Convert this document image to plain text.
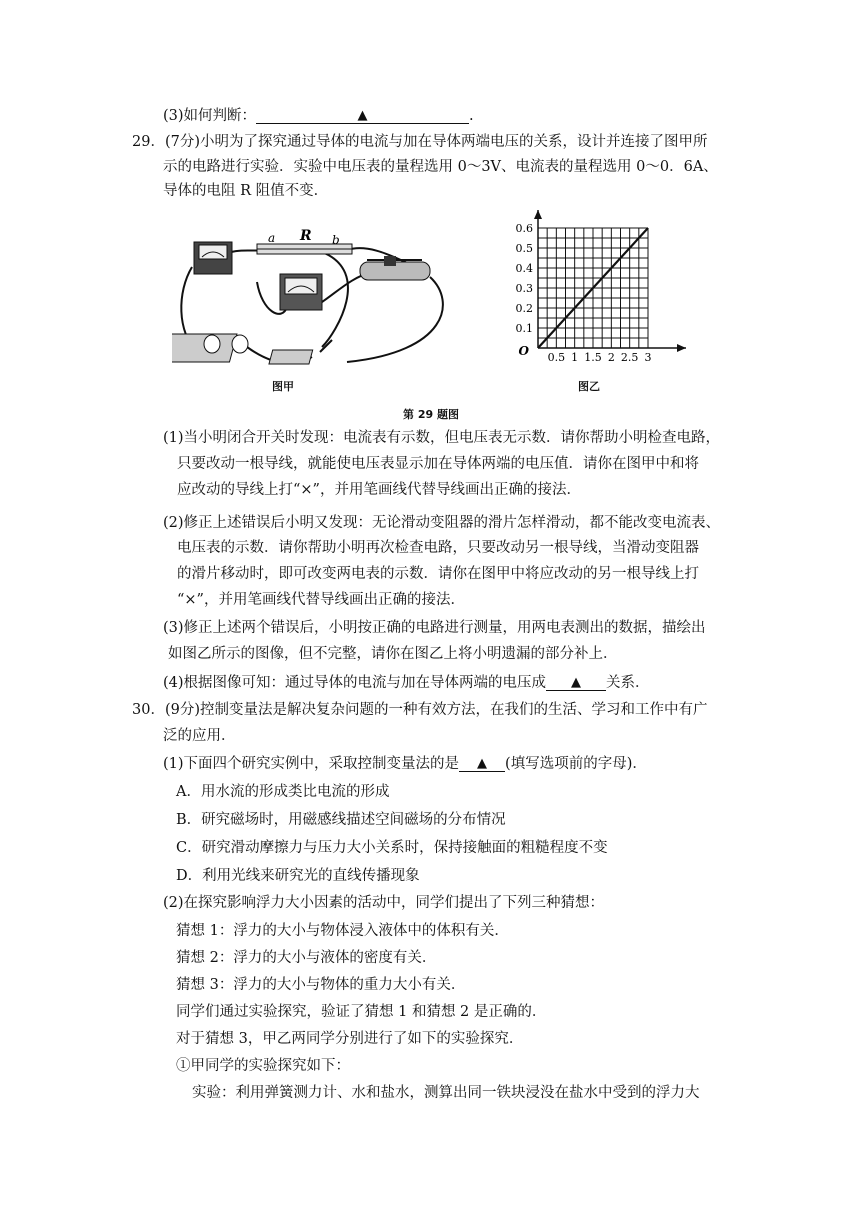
(3)如何判断：	▲	.
29．(7分)小明为了探究通过导体的电流与加在导体两端电压的关系，设计并连接了图甲所
示的电路进行实验．实验中电压表的量程选用 0～3V、电流表的量程选用 0～0．6A、
导体的电阻 R 阻值不变．
a R b
图甲
0.5 1 1.5 2 2.5 3
0.1
0.2
0.3
0.4
0.5
0.6
O
图乙
第 29 题图
(1)当小明闭合开关时发现：电流表有示数，但电压表无示数．请你帮助小明检查电路，
只要改动一根导线，就能使电压表显示加在导体两端的电压值．请你在图甲中和将
应改动的导线上打“×”，并用笔画线代替导线画出正确的接法．
(2)修正上述错误后小明又发现：无论滑动变阻器的滑片怎样滑动，都不能改变电流表、
电压表的示数．请你帮助小明再次检查电路，只要改动另一根导线，当滑动变阻器
的滑片移动时，即可改变两电表的示数．请你在图甲中将应改动的另一根导线上打
“×”，并用笔画线代替导线画出正确的接法．
(3)修正上述两个错误后，小明按正确的电路进行测量，用两电表测出的数据，描绘出
如图乙所示的图像，但不完整，请你在图乙上将小明遗漏的部分补上．
(4)根据图像可知：通过导体的电流与加在导体两端的电压成 ▲ 关系．
30．(9分)控制变量法是解决复杂问题的一种有效方法，在我们的生活、学习和工作中有广
泛的应用．
(1)下面四个研究实例中，采取控制变量法的是 ▲ (填写选项前的字母)．
A．用水流的形成类比电流的形成
B．研究磁场时，用磁感线描述空间磁场的分布情况
C．研究滑动摩擦力与压力大小关系时，保持接触面的粗糙程度不变
D．利用光线来研究光的直线传播现象
(2)在探究影响浮力大小因素的活动中，同学们提出了下列三种猜想：
猜想 1：浮力的大小与物体浸入液体中的体积有关．
猜想 2：浮力的大小与液体的密度有关．
猜想 3：浮力的大小与物体的重力大小有关．
同学们通过实验探究，验证了猜想 1 和猜想 2 是正确的．
对于猜想 3，甲乙两同学分别进行了如下的实验探究．
①甲同学的实验探究如下：
实验：利用弹簧测力计、水和盐水，测算出同一铁块浸没在盐水中受到的浮力大
